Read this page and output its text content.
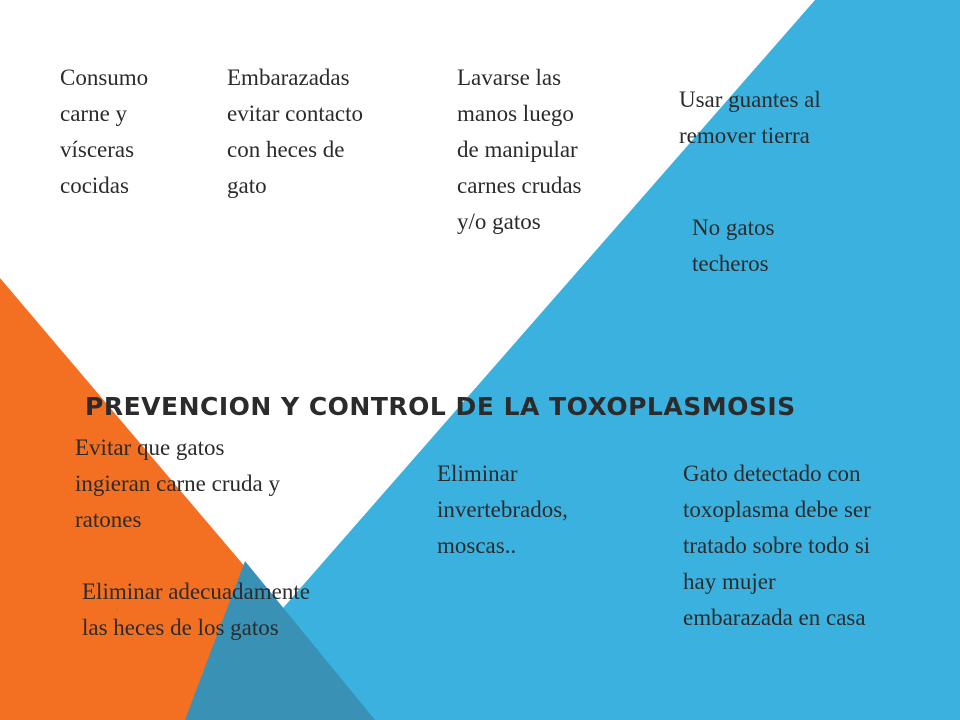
Consumo
carne y
vísceras
cocidas

Embarazadas
evitar contacto
con heces de
gato

Lavarse las
manos luego
de manipular
carnes crudas
y/o gatos

Usar guantes al
remover tierra

No gatos
techeros

PREVENCION Y CONTROL DE LA TOXOPLASMOSIS

Evitar que gatos
ingieran carne cruda y
ratones

Eliminar
invertebrados,
moscas..

Gato detectado con
toxoplasma debe ser
tratado sobre todo si
hay mujer
embarazada en casa

Eliminar adecuadamente
las heces de los gatos
